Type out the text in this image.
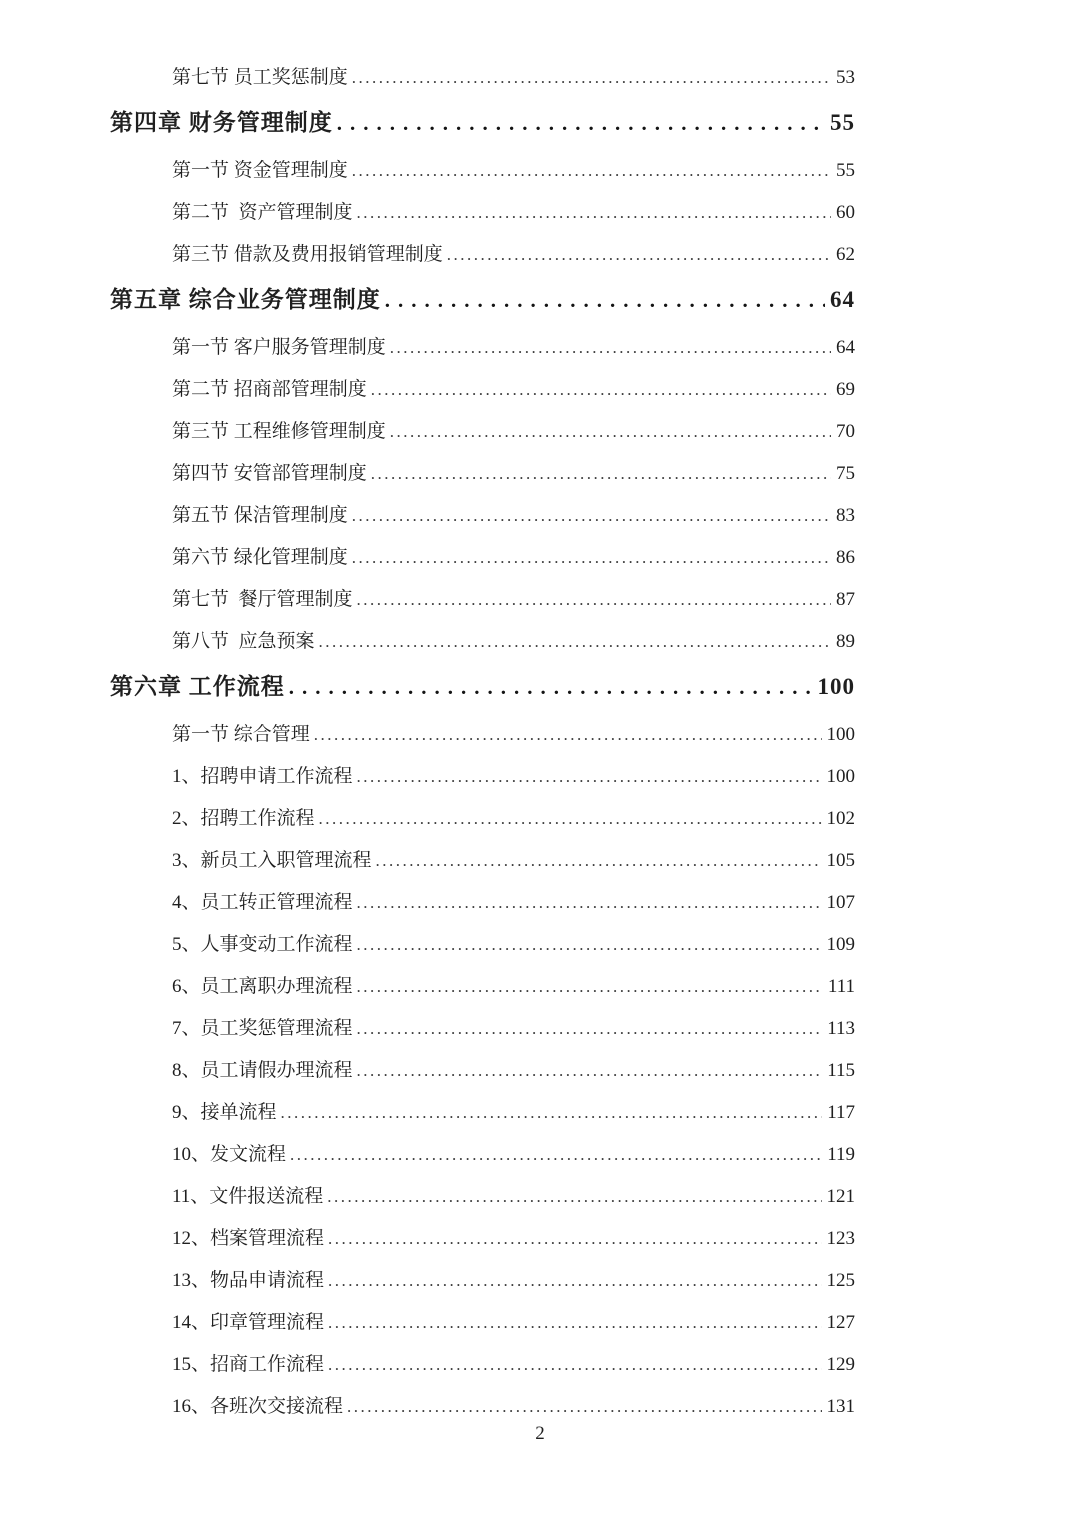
第七节 员工奖惩制度 .....	53
第四章 财务管理制度 .....	55
第一节 资金管理制度 .....	55
第二节  资产管理制度 .....	60
第三节 借款及费用报销管理制度 .....	62
第五章 综合业务管理制度 .....	64
第一节 客户服务管理制度 .....	64
第二节 招商部管理制度 .....	69
第三节 工程维修管理制度 .....	70
第四节 安管部管理制度 .....	75
第五节 保洁管理制度 .....	83
第六节 绿化管理制度 .....	86
第七节  餐厅管理制度 .....	87
第八节  应急预案 .....	89
第六章 工作流程 .....	100
第一节 综合管理 .....	100
1、招聘申请工作流程 .....	100
2、招聘工作流程 .....	102
3、新员工入职管理流程 .....	105
4、员工转正管理流程 .....	107
5、人事变动工作流程 .....	109
6、员工离职办理流程 .....	111
7、员工奖惩管理流程 .....	113
8、员工请假办理流程 .....	115
9、接单流程 .....	117
10、发文流程 .....	119
11、文件报送流程 .....	121
12、档案管理流程 .....	123
13、物品申请流程 .....	125
14、印章管理流程 .....	127
15、招商工作流程 .....	129
16、各班次交接流程 .....	131
2
